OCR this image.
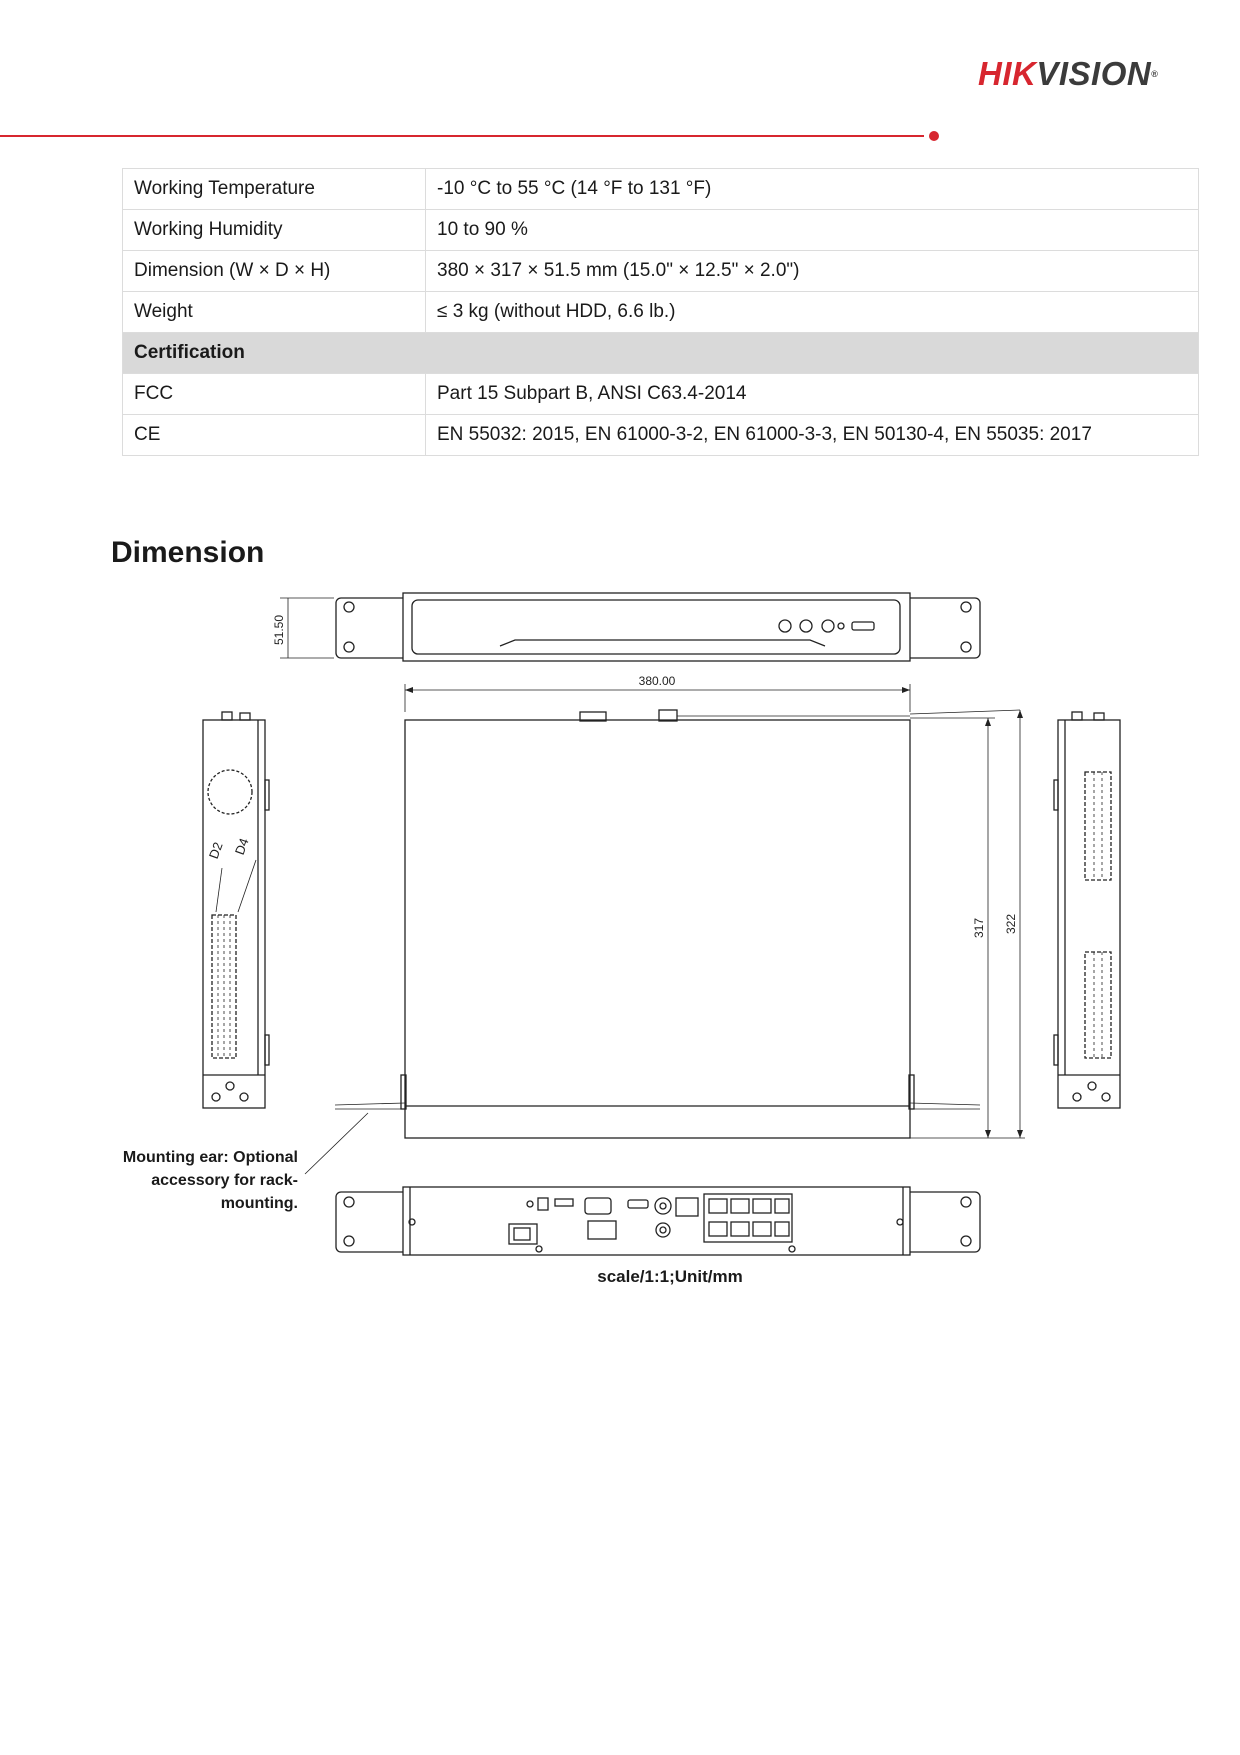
HIKVISION®
Working Temperature	-10 °C to 55 °C (14 °F to 131 °F)
Working Humidity	10 to 90 %
Dimension (W × D × H)	380 × 317 × 51.5 mm (15.0" × 12.5" × 2.0")
Weight	≤ 3 kg (without HDD, 6.6 lb.)
Certification	
FCC	Part 15 Subpart B, ANSI C63.4-2014
CE	EN 55032: 2015, EN 61000-3-2, EN 61000-3-3, EN 50130-4, EN 55035: 2017
Dimension
51.50
380.00
317 322
D2 D4
Mounting ear: Optional
accessory for rack-
mounting.
scale/1:1;Unit/mm
